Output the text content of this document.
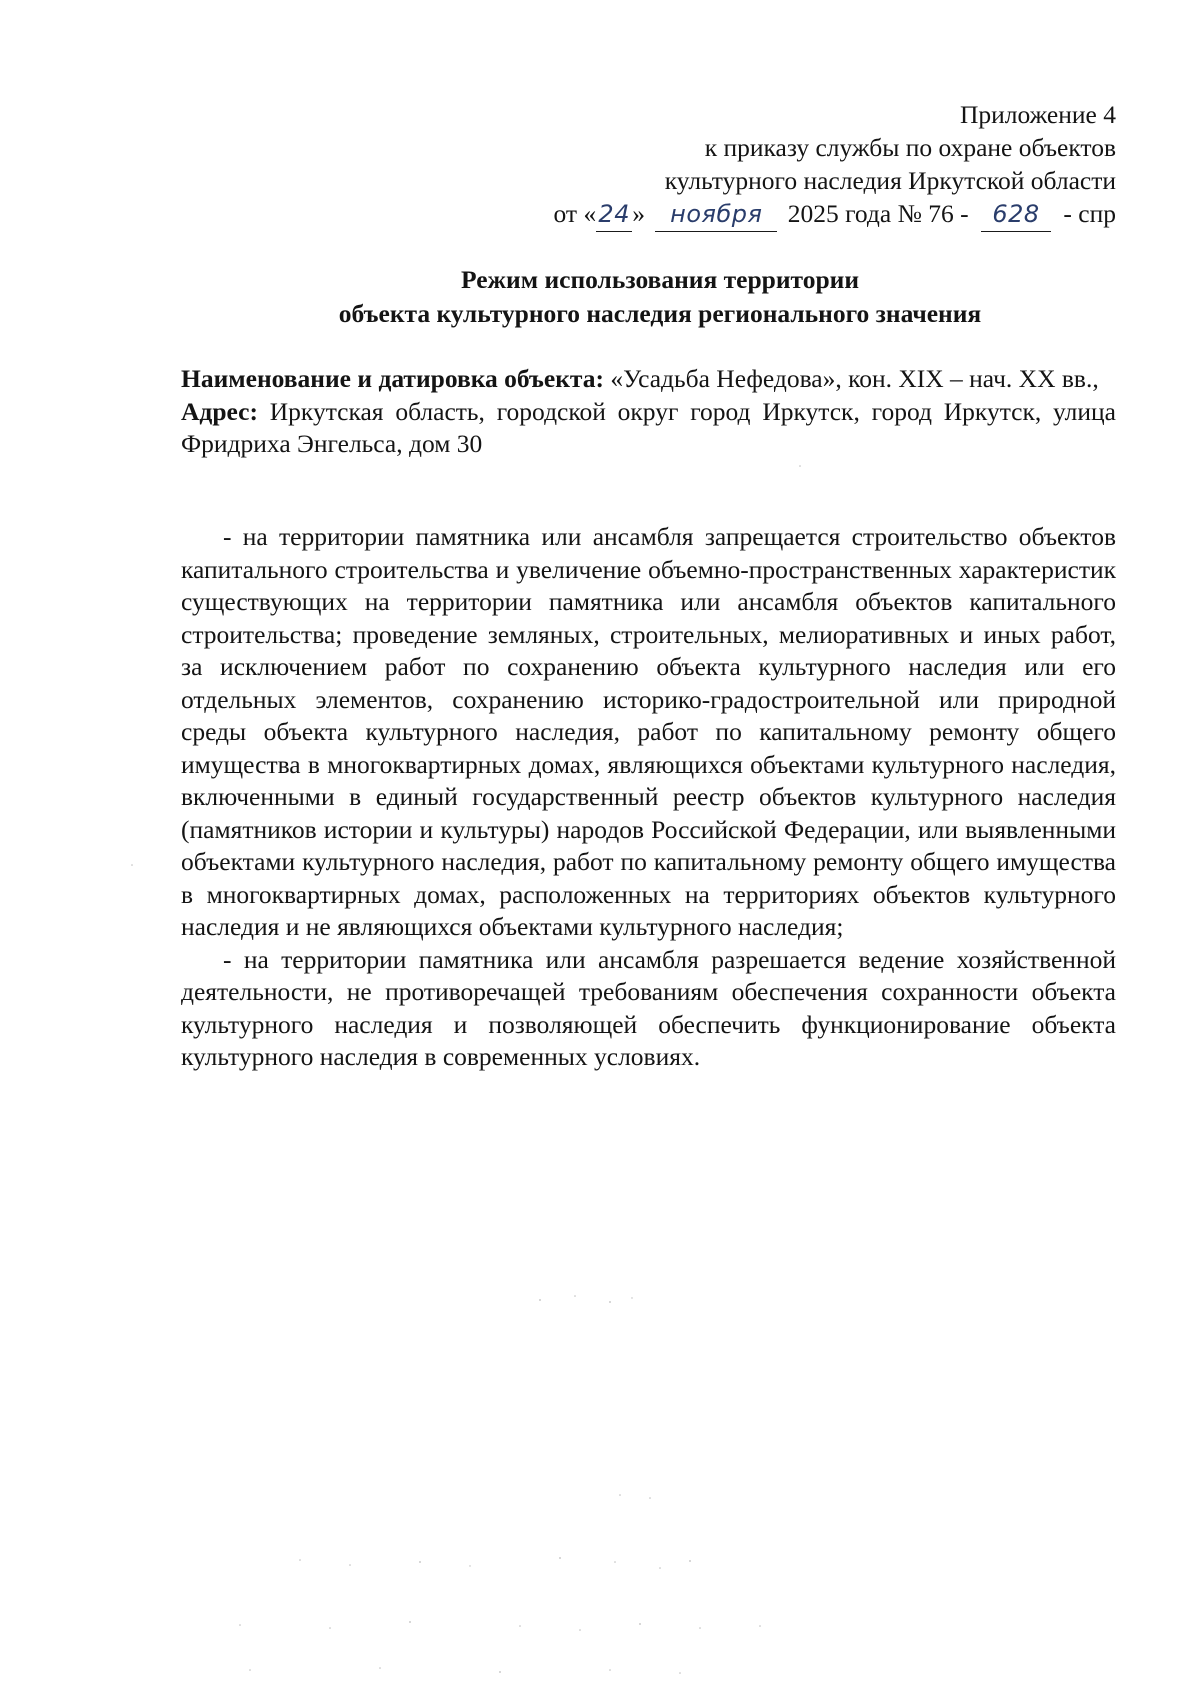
Приложение 4
к приказу службы по охране объектов
культурного наследия Иркутской области
от «24» ноября 2025 года № 76 - 628 - спр
Режим использования территории
объекта культурного наследия регионального значения

Наименование и датировка объекта: «Усадьба Нефедова», кон. XIX – нач. XX вв.,

Адрес: Иркутская область, городской округ город Иркутск, город Иркутск, улица Фридриха Энгельса, дом 30

- на территории памятника или ансамбля запрещается строительство объектов капитального строительства и увеличение объемно-пространственных характеристик существующих на территории памятника или ансамбля объектов капитального строительства; проведение земляных, строительных, мелиоративных и иных работ, за исключением работ по сохранению объекта культурного наследия или его отдельных элементов, сохранению историко-градостроительной или природной среды объекта культурного наследия, работ по капитальному ремонту общего имущества в многоквартирных домах, являющихся объектами культурного наследия, включенными в единый государственный реестр объектов культурного наследия (памятников истории и культуры) народов Российской Федерации, или выявленными объектами культурного наследия, работ по капитальному ремонту общего имущества в многоквартирных домах, расположенных на территориях объектов культурного наследия и не являющихся объектами культурного наследия;

- на территории памятника или ансамбля разрешается ведение хозяйственной деятельности, не противоречащей требованиям обеспечения сохранности объекта культурного наследия и позволяющей обеспечить функционирование объекта культурного наследия в современных условиях.
